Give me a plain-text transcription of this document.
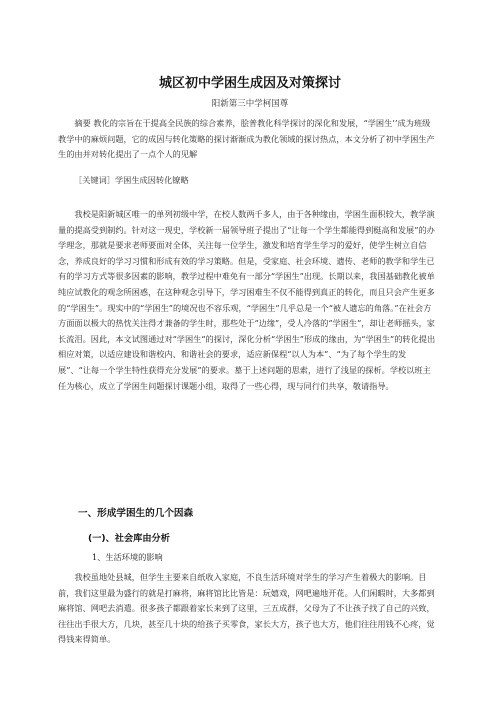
城区初中学困生成因及对策探讨
阳新第三中学柯国尊

摘要 教化的宗旨在于提高全民族的综合素养，脍普教化科学探讨的深化和发展，“学困生’’成为班级教学中的麻烦问题，它的成因与转化策略的探讨渐渐成为教化领域的探讨热点，本文分析了初中学困生产生的由并对转化提出了一点个人的见解

［关键词］学困生成因转化镣略

我校是阳新城区唯一的单列初级中学，在校人数两千多人，由于各种缘由，学困生面积较大，教学演量的提高受到制约。针对这一现史，学校新一届领导班子提出了“让每一个学生都能得到梃高和发展”的办学理念，那就是要求老师要面对全体，关注每一位学生，激发和培育学生学习的爱好，使学生树立自信念，养成良好的学习习惯和形成有效的学习策略。但是，受家庭、社会环境、遗传、老师的教学和学生已有的学习方式等很多因素的影响，教学过程中难免有一部分“学困生”出现。长期以来，我国基础教化被单纯应试教化的观念所困惑，在这种观念引导下，学习困难生不仅不能得到真正的转化，而且只会产生更多的“学困生”。现实中的“学困生”的境况也不容乐观，“学困生”几乎总是一个“被人遗忘的角落。”在社会方方面面以极大的热忱关注得才兼备的学生时，那些处于“边缘”，受人冷落的“学困生”，却让老师摇头，家长流泪。因此，本文试图通过对“学困生”的探讨，深化分析“学困生”形成的缘由，为“学困生”的转化提出相应对策，以适应建设和谐校内、和谐社会的要求，适应新保程“以人为本”、“为了每个学生的发展”、“让每一个学生特性获得充分发展”的要求。墓于上述问题的思索，进行了浅显的探析。学校以班主任为核心，成立了学困生问题探讨课题小组，取得了一些心得，现与同行们共享，敬请指导。

一、形成学困生的几个因森
(一)、社会库由分析
1、生活环境的影响

我校虽地处县城，但学生主要来自纸收入家庭，不良生活环境对学生的学习产生着极大的影响。目前，我们这里最为盛行的就是打麻将，麻将馆比比皆是：玩嬉戏，网吧遍地开花。人们闲暇时，大多都到麻将馆、网吧去消遣。很多孩子都跟着家长来到了这里，三五成群，父母为了不让孩子找了自己的兴致，往往出手很大方，几块，甚至几十块的给孩子买零食，家长大方，孩子也大方，他们往往用钱不心疼，觉得钱来得简单。
